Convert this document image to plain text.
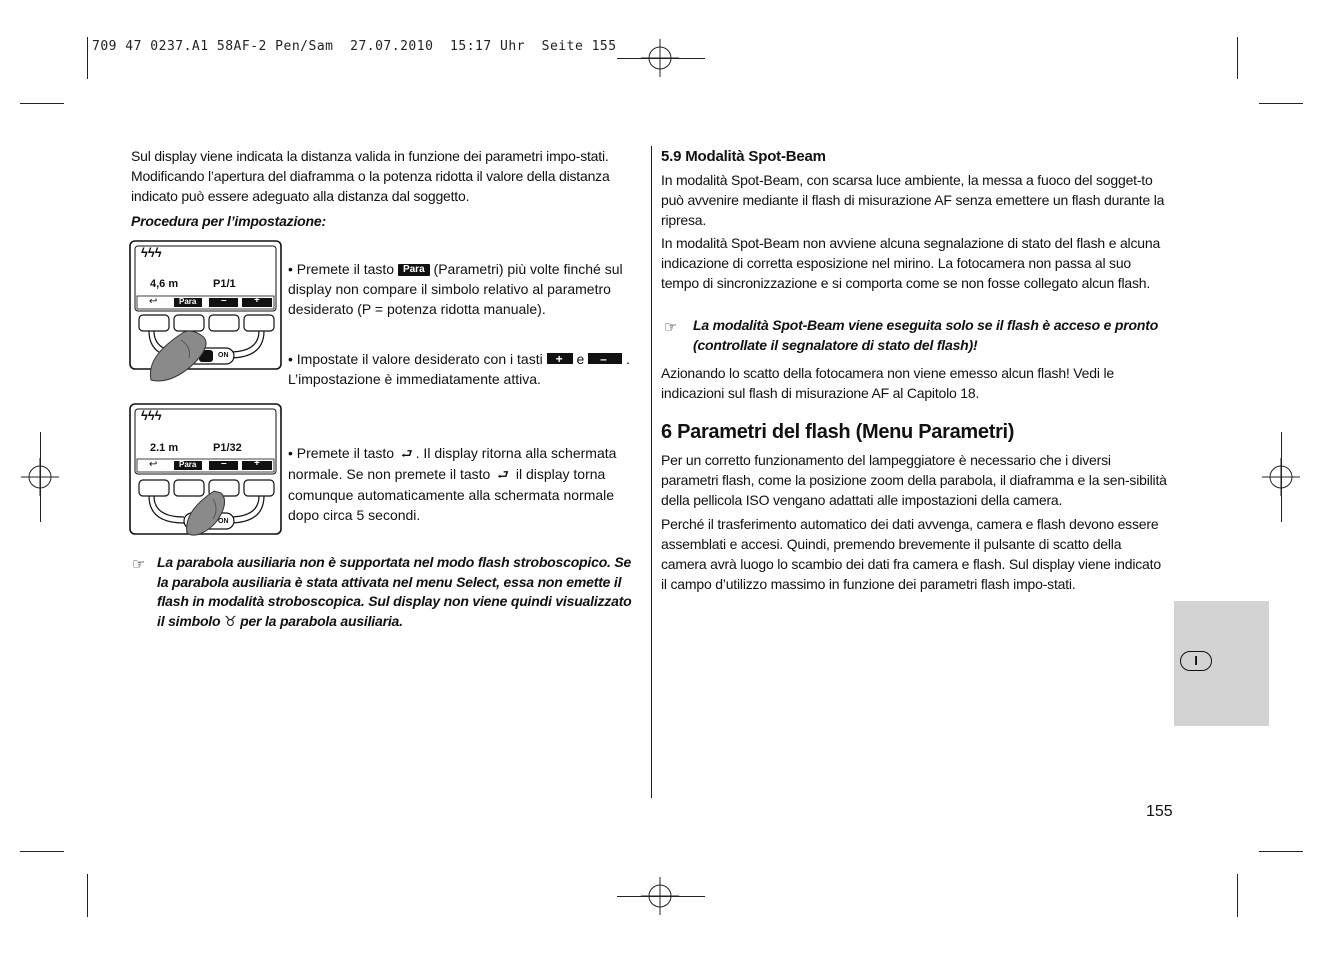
709 47 0237.A1 58AF-2 Pen/Sam  27.07.2010  15:17 Uhr  Seite 155

Sul display viene indicata la distanza valida in funzione dei parametri impo-stati. Modificando l’apertura del diaframma o la potenza ridotta il valore della distanza indicato può essere adeguato alla distanza dal soggetto.

Procedura per l’impostazione:

ϟϟϟ
4,6 m	P1/1
↩	Para –	+
ON
• Premete il tasto Para (Parametri) più volte finché sul display non compare il simbolo relativo al parametro desiderato (P = potenza ridotta manuale).
• Impostate il valore desiderato con i tasti + e – . L’impostazione è immediatamente attiva.
ϟϟϟ
2.1 m	P1/32
↩	Para –	+
ON
• Premete il tasto ⮐ . Il display ritorna alla schermata normale. Se non premete il tasto ⮐ il display torna comunque automaticamente alla schermata normale dopo circa 5 secondi.
☞ La parabola ausiliaria non è supportata nel modo flash stroboscopico. Se la parabola ausiliaria è stata attivata nel menu Select, essa non emette il flash in modalità stroboscopica. Sul display non viene quindi visualizzato il simbolo ♉ per la parabola ausiliaria.

5.9 Modalità Spot-Beam

In modalità Spot-Beam, con scarsa luce ambiente, la messa a fuoco del sogget-to può avvenire mediante il flash di misurazione AF senza emettere un flash durante la ripresa.

In modalità Spot-Beam non avviene alcuna segnalazione di stato del flash e alcuna indicazione di corretta esposizione nel mirino. La fotocamera non passa al suo tempo di sincronizzazione e si comporta come se non fosse collegato alcun flash.

☞ La modalità Spot-Beam viene eseguita solo se il flash è acceso e pronto (controllate il segnalatore di stato del flash)!

Azionando lo scatto della fotocamera non viene emesso alcun flash! Vedi le indicazioni sul flash di misurazione AF al Capitolo 18.

6 Parametri del flash (Menu Parametri)

Per un corretto funzionamento del lampeggiatore è necessario che i diversi parametri flash, come la posizione zoom della parabola, il diaframma e la sen-sibilità della pellicola ISO vengano adattati alle impostazioni della camera.

Perché il trasferimento automatico dei dati avvenga, camera e flash devono essere assemblati e accesi. Quindi, premendo brevemente il pulsante di scatto della camera avrà luogo lo scambio dei dati fra camera e flash. Sul display viene indicato il campo d’utilizzo massimo in funzione dei parametri flash impo-stati.

I
155
